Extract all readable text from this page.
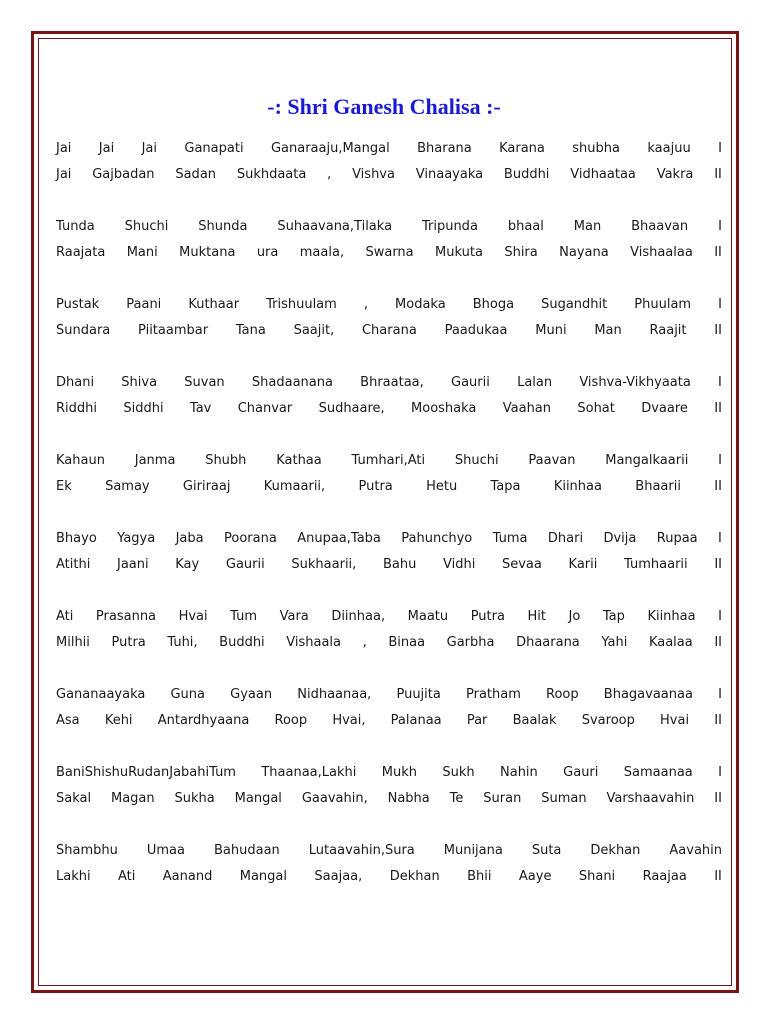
-: Shri Ganesh Chalisa :-
Jai Jai Jai Ganapati Ganaraaju,Mangal Bharana Karana shubha kaajuu I
Jai Gajbadan Sadan Sukhdaata , Vishva Vinaayaka Buddhi Vidhaataa Vakra II
Tunda Shuchi Shunda Suhaavana,Tilaka Tripunda bhaal Man Bhaavan I
Raajata Mani Muktana ura maala, Swarna Mukuta Shira Nayana Vishaalaa II
Pustak Paani Kuthaar Trishuulam , Modaka Bhoga Sugandhit Phuulam I
Sundara Piitaambar Tana Saajit, Charana Paadukaa Muni Man Raajit II
Dhani Shiva Suvan Shadaanana Bhraataa, Gaurii Lalan Vishva-Vikhyaata I
Riddhi Siddhi Tav Chanvar Sudhaare, Mooshaka Vaahan Sohat Dvaare II
Kahaun Janma Shubh Kathaa Tumhari,Ati Shuchi Paavan Mangalkaarii I
Ek	Samay	Giriraaj	Kumaarii,	Putra	Hetu	Tapa	Kiinhaa	Bhaarii	II
Bhayo Yagya Jaba Poorana Anupaa,Taba Pahunchyo Tuma Dhari Dvija Rupaa I
Atithi Jaani Kay Gaurii Sukhaarii, Bahu Vidhi Sevaa Karii Tumhaarii II
Ati Prasanna Hvai Tum Vara Diinhaa, Maatu Putra Hit Jo Tap Kiinhaa I
Milhii Putra Tuhi, Buddhi Vishaala , Binaa Garbha Dhaarana Yahi Kaalaa II
Gananaayaka Guna Gyaan Nidhaanaa, Puujita Pratham Roop Bhagavaanaa I
Asa Kehi Antardhyaana Roop Hvai, Palanaa Par Baalak Svaroop Hvai II
BaniShishuRudanJabahiTum Thaanaa,Lakhi Mukh Sukh Nahin Gauri Samaanaa I
Sakal Magan Sukha Mangal Gaavahin, Nabha Te Suran Suman Varshaavahin II
Shambhu Umaa Bahudaan Lutaavahin,Sura Munijana Suta Dekhan Aavahin
Lakhi Ati Aanand Mangal Saajaa, Dekhan Bhii Aaye Shani Raajaa II
